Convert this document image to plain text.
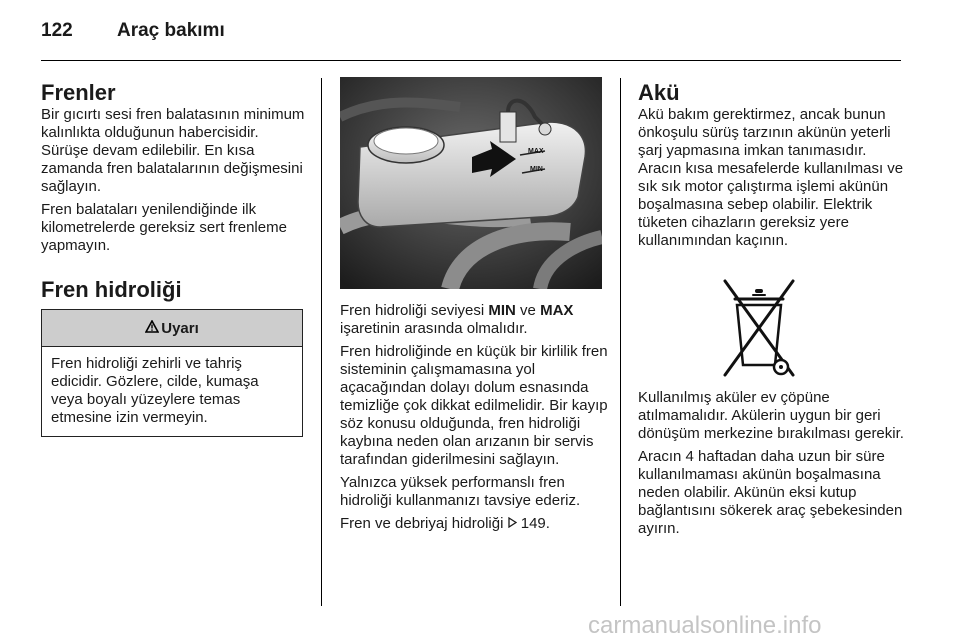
122 Araç bakımı
Frenler

Bir gıcırtı sesi fren balatasının minimum kalınlıkta olduğunun habercisidir. Sürüşe devam edilebilir. En kısa zamanda fren balatalarının değişmesini sağlayın.

Fren balataları yenilendiğinde ilk kilometrelerde gereksiz sert frenleme yapmayın.

Fren hidroliği
Uyarı
Fren hidroliği zehirli ve tahriş edicidir. Gözlere, cilde, kumaşa veya boyalı yüzeylere temas etmesine izin vermeyin.
MAX
MIN

Fren hidroliği seviyesi MIN ve MAX işaretinin arasında olmalıdır.

Fren hidroliğinde en küçük bir kirlilik fren sisteminin çalışmamasına yol açacağından dolayı dolum esnasında temizliğe çok dikkat edilmelidir. Bir kayıp söz konusu olduğunda, fren hidroliği kaybına neden olan arızanın bir servis tarafından giderilmesini sağlayın.

Yalnızca yüksek performanslı fren hidroliği kullanmanızı tavsiye ederiz.

Fren ve debriyaj hidroliği  149.

Akü

Akü bakım gerektirmez, ancak bunun önkoşulu sürüş tarzının akünün yeterli şarj yapmasına imkan tanımasıdır. Aracın kısa mesafelerde kullanılması ve sık sık motor çalıştırma işlemi akünün boşalmasına sebep olabilir. Elektrik tüketen cihazların gereksiz yere kullanımından kaçının.

Kullanılmış aküler ev çöpüne atılmamalıdır. Akülerin uygun bir geri dönüşüm merkezine bırakılması gerekir.

Aracın 4 haftadan daha uzun bir süre kullanılmaması akünün boşalmasına neden olabilir. Akünün eksi kutup bağlantısını sökerek araç şebekesinden ayırın.

carmanualsonline.info
